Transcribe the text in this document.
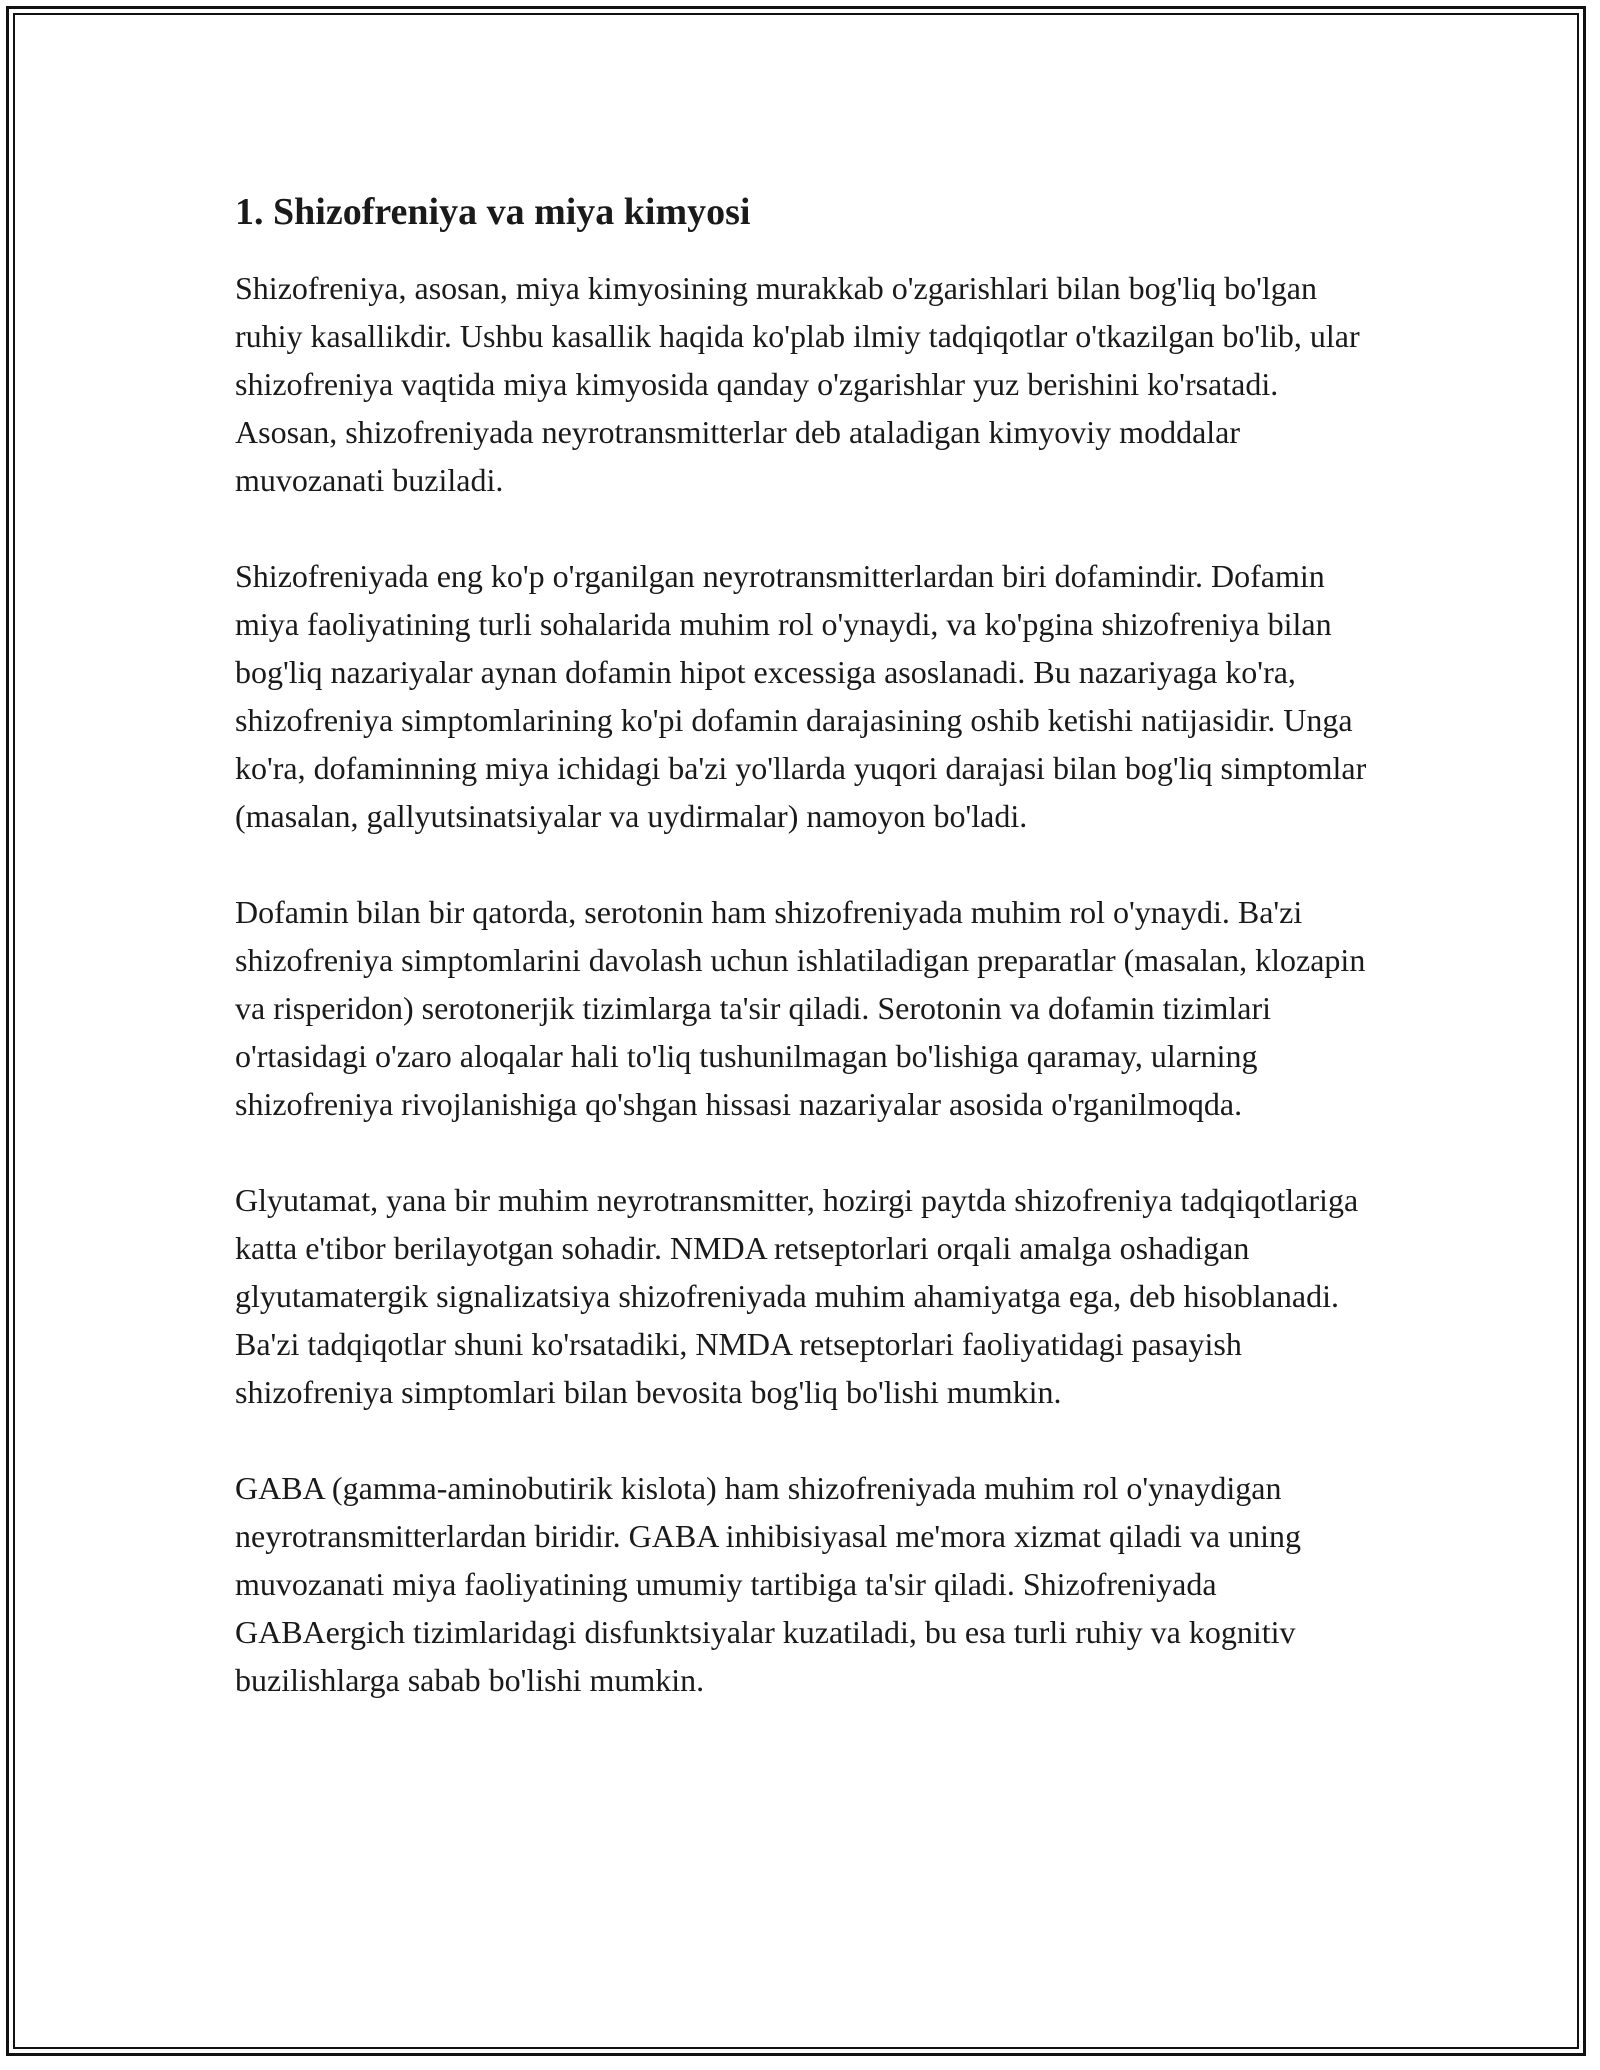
1. Shizofreniya va miya kimyosi

Shizofreniya, asosan, miya kimyosining murakkab o'zgarishlari bilan bog'liq bo'lgan ruhiy kasallikdir. Ushbu kasallik haqida ko'plab ilmiy tadqiqotlar o'tkazilgan bo'lib, ular shizofreniya vaqtida miya kimyosida qanday o'zgarishlar yuz berishini ko'rsatadi. Asosan, shizofreniyada neyrotransmitterlar deb ataladigan kimyoviy moddalar muvozanati buziladi.

Shizofreniyada eng ko'p o'rganilgan neyrotransmitterlardan biri dofamindir. Dofamin miya faoliyatining turli sohalarida muhim rol o'ynaydi, va ko'pgina shizofreniya bilan bog'liq nazariyalar aynan dofamin hipot excessiga asoslanadi. Bu nazariyaga ko'ra, shizofreniya simptomlarining ko'pi dofamin darajasining oshib ketishi natijasidir. Unga ko'ra, dofaminning miya ichidagi ba'zi yo'llarda yuqori darajasi bilan bog'liq simptomlar (masalan, gallyutsinatsiyalar va uydirmalar) namoyon bo'ladi.

Dofamin bilan bir qatorda, serotonin ham shizofreniyada muhim rol o'ynaydi. Ba'zi shizofreniya simptomlarini davolash uchun ishlatiladigan preparatlar (masalan, klozapin va risperidon) serotonerjik tizimlarga ta'sir qiladi. Serotonin va dofamin tizimlari o'rtasidagi o'zaro aloqalar hali to'liq tushunilmagan bo'lishiga qaramay, ularning shizofreniya rivojlanishiga qo'shgan hissasi nazariyalar asosida o'rganilmoqda.

Glyutamat, yana bir muhim neyrotransmitter, hozirgi paytda shizofreniya tadqiqotlariga katta e'tibor berilayotgan sohadir. NMDA retseptorlari orqali amalga oshadigan glyutamatergik signalizatsiya shizofreniyada muhim ahamiyatga ega, deb hisoblanadi. Ba'zi tadqiqotlar shuni ko'rsatadiki, NMDA retseptorlari faoliyatidagi pasayish shizofreniya simptomlari bilan bevosita bog'liq bo'lishi mumkin.

GABA (gamma-aminobutirik kislota) ham shizofreniyada muhim rol o'ynaydigan neyrotransmitterlardan biridir. GABA inhibisiyasal me'mora xizmat qiladi va uning muvozanati miya faoliyatining umumiy tartibiga ta'sir qiladi. Shizofreniyada GABAergich tizimlaridagi disfunktsiyalar kuzatiladi, bu esa turli ruhiy va kognitiv buzilishlarga sabab bo'lishi mumkin.
